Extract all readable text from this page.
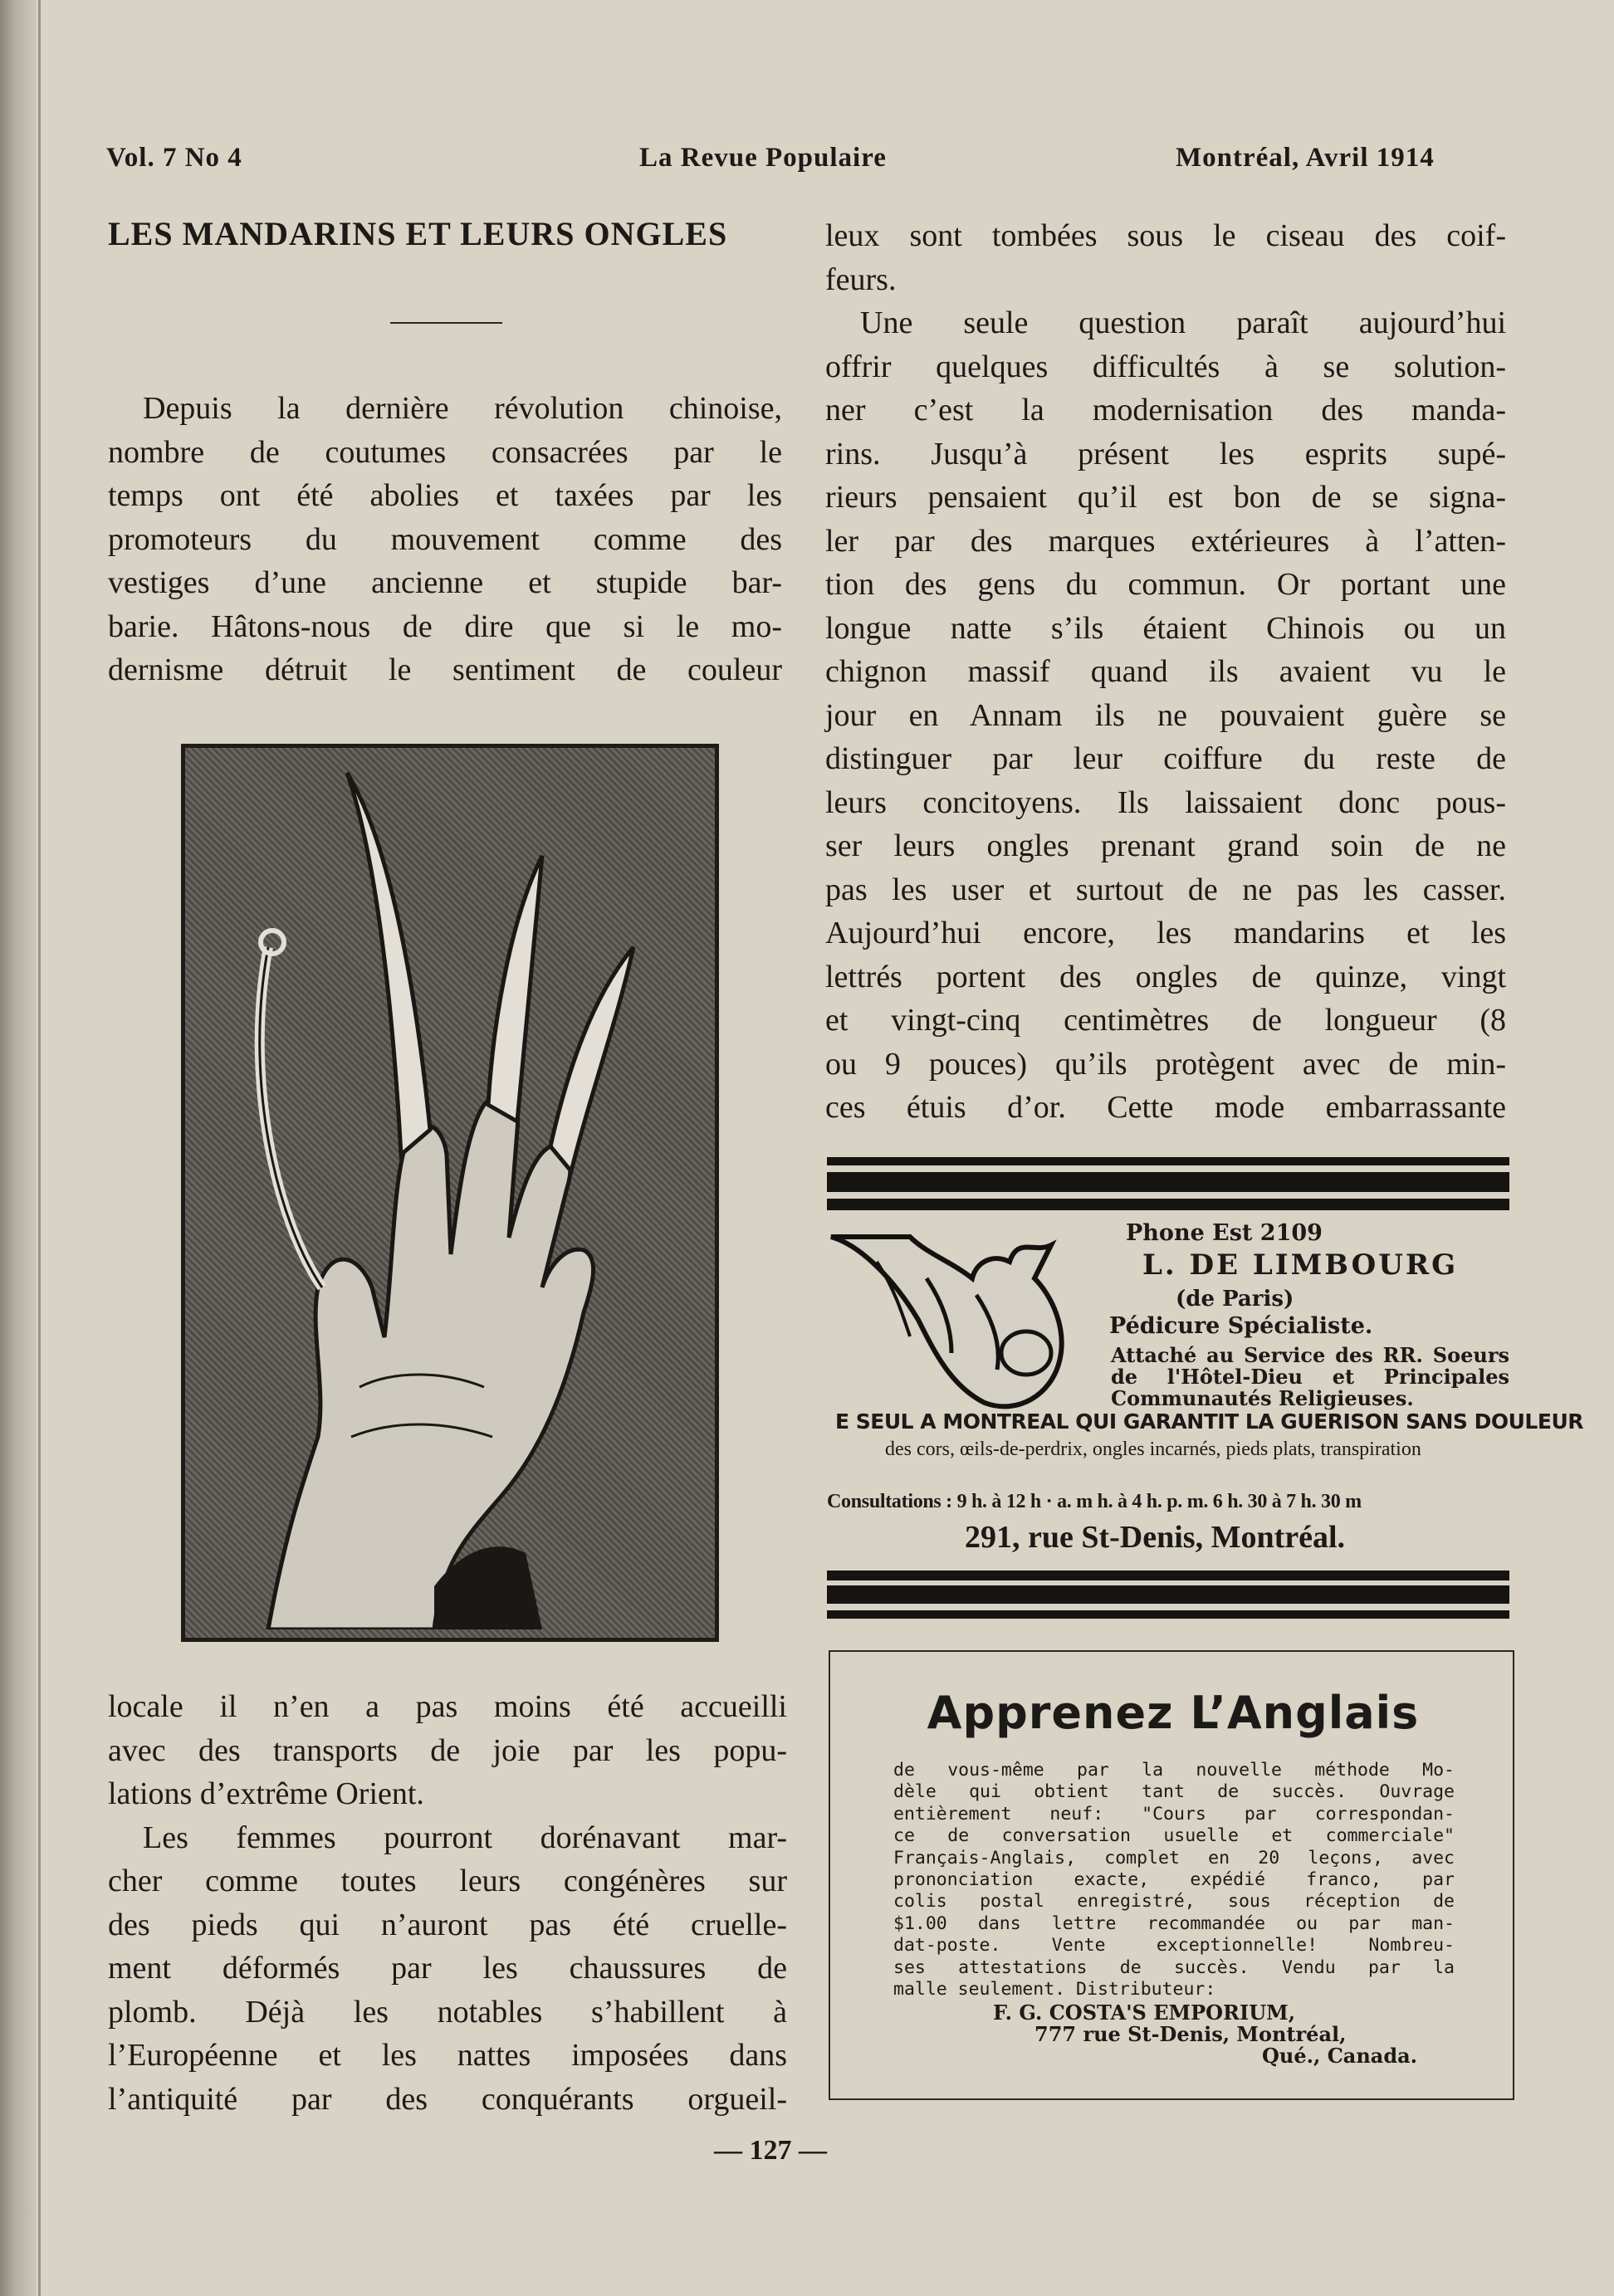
Vol. 7 No 4	La Revue Populaire	Montréal, Avril 1914
LES MANDARINS ET LEURS ONGLES
Depuis la dernière révolution chinoise,
nombre de coutumes consacrées par le
temps ont été abolies et taxées par les
promoteurs du mouvement comme des
vestiges d’une ancienne et stupide bar-
barie. Hâtons-nous de dire que si le mo-
dernisme détruit le sentiment de couleur
locale il n’en a pas moins été accueilli
avec des transports de joie par les popu-
lations d’extrême Orient.
Les femmes pourront dorénavant mar-
cher comme toutes leurs congénères sur
des pieds qui n’auront pas été cruelle-
ment déformés par les chaussures de
plomb. Déjà les notables s’habillent à
l’Européenne et les nattes imposées dans
l’antiquité par des conquérants orgueil-
leux sont tombées sous le ciseau des coif-
feurs.
Une seule question paraît aujourd’hui
offrir quelques difficultés à se solution-
ner c’est la modernisation des manda-
rins. Jusqu’à présent les esprits supé-
rieurs pensaient qu’il est bon de se signa-
ler par des marques extérieures à l’atten-
tion des gens du commun. Or portant une
longue natte s’ils étaient Chinois ou un
chignon massif quand ils avaient vu le
jour en Annam ils ne pouvaient guère se
distinguer par leur coiffure du reste de
leurs concitoyens. Ils laissaient donc pous-
ser leurs ongles prenant grand soin de ne
pas les user et surtout de ne pas les casser.
Aujourd’hui encore, les mandarins et les
lettrés portent des ongles de quinze, vingt
et vingt-cinq centimètres de longueur (8
ou 9 pouces) qu’ils protègent avec de min-
ces étuis d’or. Cette mode embarrassante
Phone Est 2109
L. DE LIMBOURG
(de Paris)
Pédicure Spécialiste.
Attaché au Service des RR. Soeurs de l'Hôtel-Dieu et Principales Communautés Religieuses.
E SEUL A MONTREAL QUI GARANTIT LA GUERISON SANS DOULEUR
des cors, œils-de-perdrix, ongles incarnés, pieds plats, transpiration
Consultations : 9 h. à 12 h · a. m h. à 4 h. p. m. 6 h. 30 à 7 h. 30 m
291, rue St-Denis, Montréal.
Apprenez L’Anglais
de vous-même par la nouvelle méthode Mo-
dèle qui obtient tant de succès. Ouvrage
entièrement neuf: "Cours par correspondan-
ce de conversation usuelle et commerciale"
Français-Anglais, complet en 20 leçons, avec
prononciation exacte, expédié franco, par
colis postal enregistré, sous réception de
$1.00 dans lettre recommandée ou par man-
dat-poste. Vente exceptionnelle! Nombreu-
ses attestations de succès. Vendu par la
malle seulement. Distributeur:
F. G. COSTA'S EMPORIUM,
777 rue St-Denis, Montréal,
Qué., Canada.
— 127 —
